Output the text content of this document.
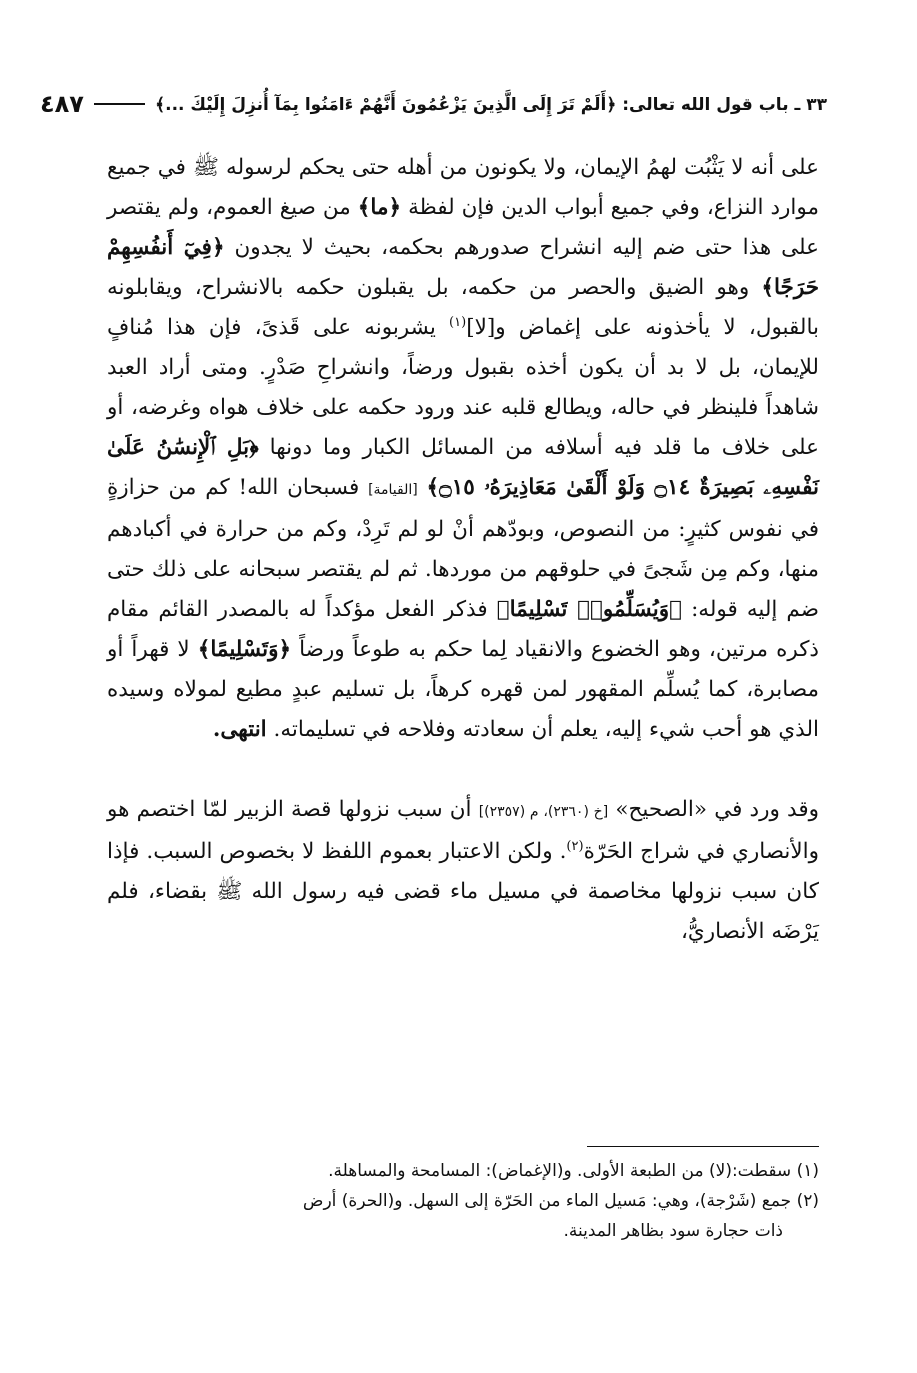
٣٣ ـ باب قول الله تعالى: ﴿أَلَمْ تَرَ إِلَى الَّذِينَ يَزْعُمُونَ أَنَّهُمْ ءَامَنُوا بِمَآ أُنزِلَ إِلَيْكَ ...﴾
٤٨٧

على أنه لا يَثْبُت لهمُ الإيمان، ولا يكونون من أهله حتى يحكم لرسوله ﷺ في جميع موارد النزاع، وفي جميع أبواب الدين فإن لفظة ﴿ما﴾ من صيغ العموم، ولم يقتصر على هذا حتى ضم إليه انشراح صدورهم بحكمه، بحيث لا يجدون ﴿فِيٓ أَنفُسِهِمْ حَرَجًا﴾ وهو الضيق والحصر من حكمه، بل يقبلون حكمه بالانشراح، ويقابلونه بالقبول، لا يأخذونه على إغماض و[لا]$^{(١)}$ يشربونه على قَذىً، فإن هذا مُنافٍ للإيمان، بل لا بد أن يكون أخذه بقبول ورضاً، وانشراحِ صَدْرٍ. ومتى أراد العبد شاهداً فلينظر في حاله، ويطالع قلبه عند ورود حكمه على خلاف هواه وغرضه، أو على خلاف ما قلد فيه أسلافه من المسائل الكبار وما دونها ﴿بَلِ ٱلْإِنسَٰنُ عَلَىٰ نَفْسِهِۦ بَصِيرَةٌ ۝١٤ وَلَوْ أَلْقَىٰ مَعَاذِيرَهُۥ ۝١٥﴾ [القيامة] فسبحان الله! كم من حزازةٍ في نفوس كثيرٍ: من النصوص، وبودّهم أنْ لو لم تَرِدْ، وكم من حرارة في أكبادهم منها، وكم مِن شَجىً في حلوقهم من موردها. ثم لم يقتصر سبحانه على ذلك حتى ضم إليه قوله: ﴿وَيُسَلِّمُوا۟ تَسْلِيمًا﴾ فذكر الفعل مؤكداً له بالمصدر القائم مقام ذكره مرتين، وهو الخضوع والانقياد لِما حكم به طوعاً ورضاً ﴿وَتَسْلِيمًا﴾ لا قهراً أو مصابرة، كما يُسلِّم المقهور لمن قهره كرهاً، بل تسليم عبدٍ مطيع لمولاه وسيده الذي هو أحب شيء إليه، يعلم أن سعادته وفلاحه في تسليماته. انتهى.

وقد ورد في «الصحيح» [خ (٢٣٦٠)، م (٢٣٥٧)] أن سبب نزولها قصة الزبير لمّا اختصم هو والأنصاري في شراج الحَرّة$^{(٢)}$. ولكن الاعتبار بعموم اللفظ لا بخصوص السبب. فإذا كان سبب نزولها مخاصمة في مسيل ماء قضى فيه رسول الله ﷺ بقضاء، فلم يَرْضَه الأنصاريُّ،

(١) سقطت:(لا) من الطبعة الأولى. و(الإغماض): المسامحة والمساهلة.

(٢) جمع (شَرْجة)، وهي: مَسيل الماء من الحَرّة إلى السهل. و(الحرة) أرض
ذات حجارة سود بظاهر المدينة.
